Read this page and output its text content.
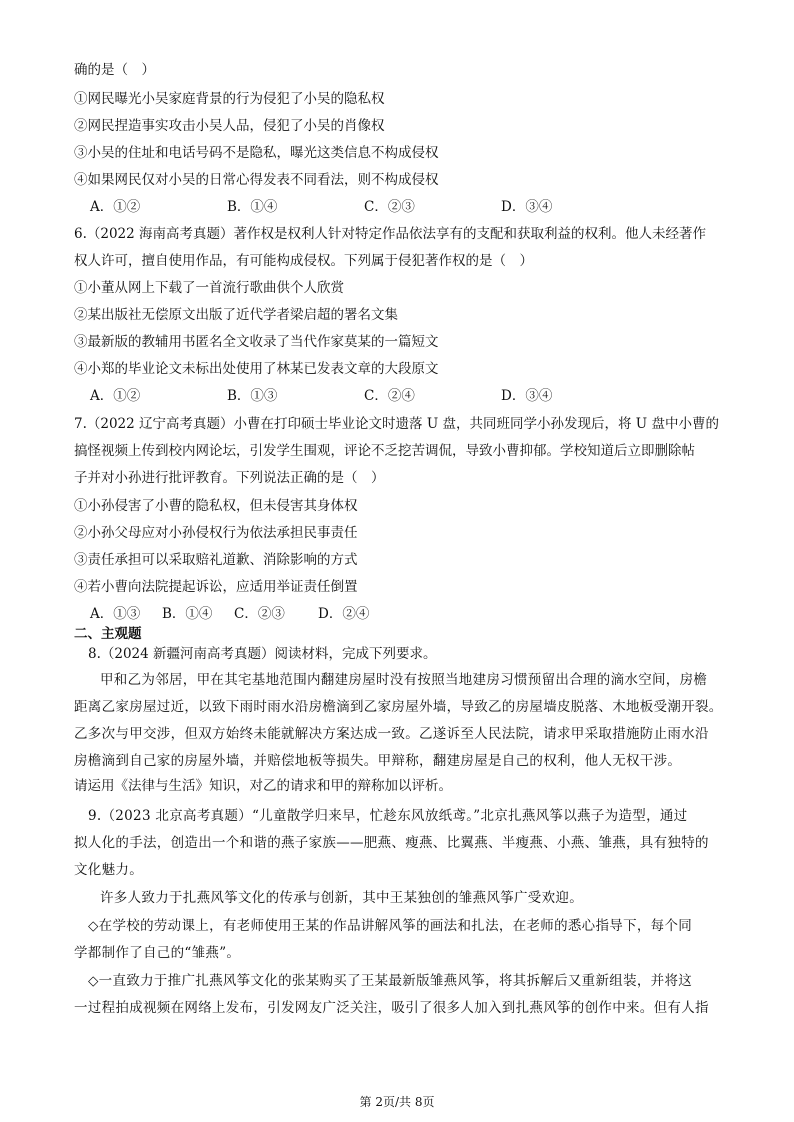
确的是（　）
①网民曝光小吴家庭背景的行为侵犯了小吴的隐私权
②网民捏造事实攻击小吴人品，侵犯了小吴的肖像权
③小吴的住址和电话号码不是隐私，曝光这类信息不构成侵权
④如果网民仅对小吴的日常心得发表不同看法，则不构成侵权
A．①②	B．①④	C．②③	D．③④
6.（2022 海南高考真题）著作权是权利人针对特定作品依法享有的支配和获取利益的权利。他人未经著作
权人许可，擅自使用作品，有可能构成侵权。下列属于侵犯著作权的是（　）
①小董从网上下载了一首流行歌曲供个人欣赏
②某出版社无偿原文出版了近代学者梁启超的署名文集
③最新版的教辅用书匿名全文收录了当代作家莫某的一篇短文
④小郑的毕业论文未标出处使用了林某已发表文章的大段原文
A．①②	B．①③	C．②④	D．③④
7.（2022 辽宁高考真题）小曹在打印硕士毕业论文时遗落 U 盘，共同班同学小孙发现后，将 U 盘中小曹的
搞怪视频上传到校内网论坛，引发学生围观，评论不乏挖苦调侃，导致小曹抑郁。学校知道后立即删除帖
子并对小孙进行批评教育。下列说法正确的是（　）
①小孙侵害了小曹的隐私权，但未侵害其身体权
②小孙父母应对小孙侵权行为依法承担民事责任
③责任承担可以采取赔礼道歉、消除影响的方式
④若小曹向法院提起诉讼，应适用举证责任倒置
A．①③ B．①④ C．②③ D．②④
二、主观题
8.（2024 新疆河南高考真题）阅读材料，完成下列要求。
甲和乙为邻居，甲在其宅基地范围内翻建房屋时没有按照当地建房习惯预留出合理的滴水空间，房檐
距离乙家房屋过近，以致下雨时雨水沿房檐滴到乙家房屋外墙，导致乙的房屋墙皮脱落、木地板受潮开裂。
乙多次与甲交涉，但双方始终未能就解决方案达成一致。乙遂诉至人民法院，请求甲采取措施防止雨水沿
房檐滴到自己家的房屋外墙，并赔偿地板等损失。甲辩称，翻建房屋是自己的权利，他人无权干涉。
请运用《法律与生活》知识，对乙的请求和甲的辩称加以评析。
9.（2023 北京高考真题）“儿童散学归来早，忙趁东风放纸鸢。”北京扎燕风筝以燕子为造型，通过
拟人化的手法，创造出一个和谐的燕子家族——肥燕、瘦燕、比翼燕、半瘦燕、小燕、雏燕，具有独特的
文化魅力。
许多人致力于扎燕风筝文化的传承与创新，其中王某独创的雏燕风筝广受欢迎。
◇在学校的劳动课上，有老师使用王某的作品讲解风筝的画法和扎法，在老师的悉心指导下，每个同
学都制作了自己的“雏燕”。
◇一直致力于推广扎燕风筝文化的张某购买了王某最新版雏燕风筝，将其拆解后又重新组装，并将这
一过程拍成视频在网络上发布，引发网友广泛关注，吸引了很多人加入到扎燕风筝的创作中来。但有人指
第 2页/共 8页
